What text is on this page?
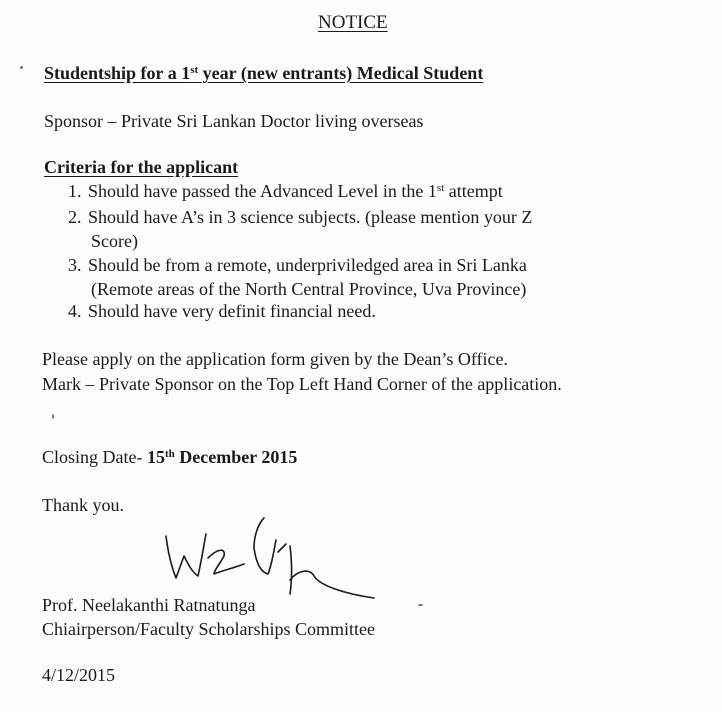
NOTICE
Studentship for a 1st year (new entrants) Medical Student
Sponsor – Private Sri Lankan Doctor living overseas
Criteria for the applicant
1. Should have passed the Advanced Level in the 1st attempt
2. Should have A’s in 3 science subjects. (please mention your Z
Score)
3. Should be from a remote, underpriviledged area in Sri Lanka
(Remote areas of the North Central Province, Uva Province)
4. Should have very definit financial need.
Please apply on the application form given by the Dean’s Office.
Mark – Private Sponsor on the Top Left Hand Corner of the application.
Closing Date- 15th December 2015
Thank you.
Prof. Neelakanthi Ratnatunga
Chiairperson/Faculty Scholarships Committee
4/12/2015
